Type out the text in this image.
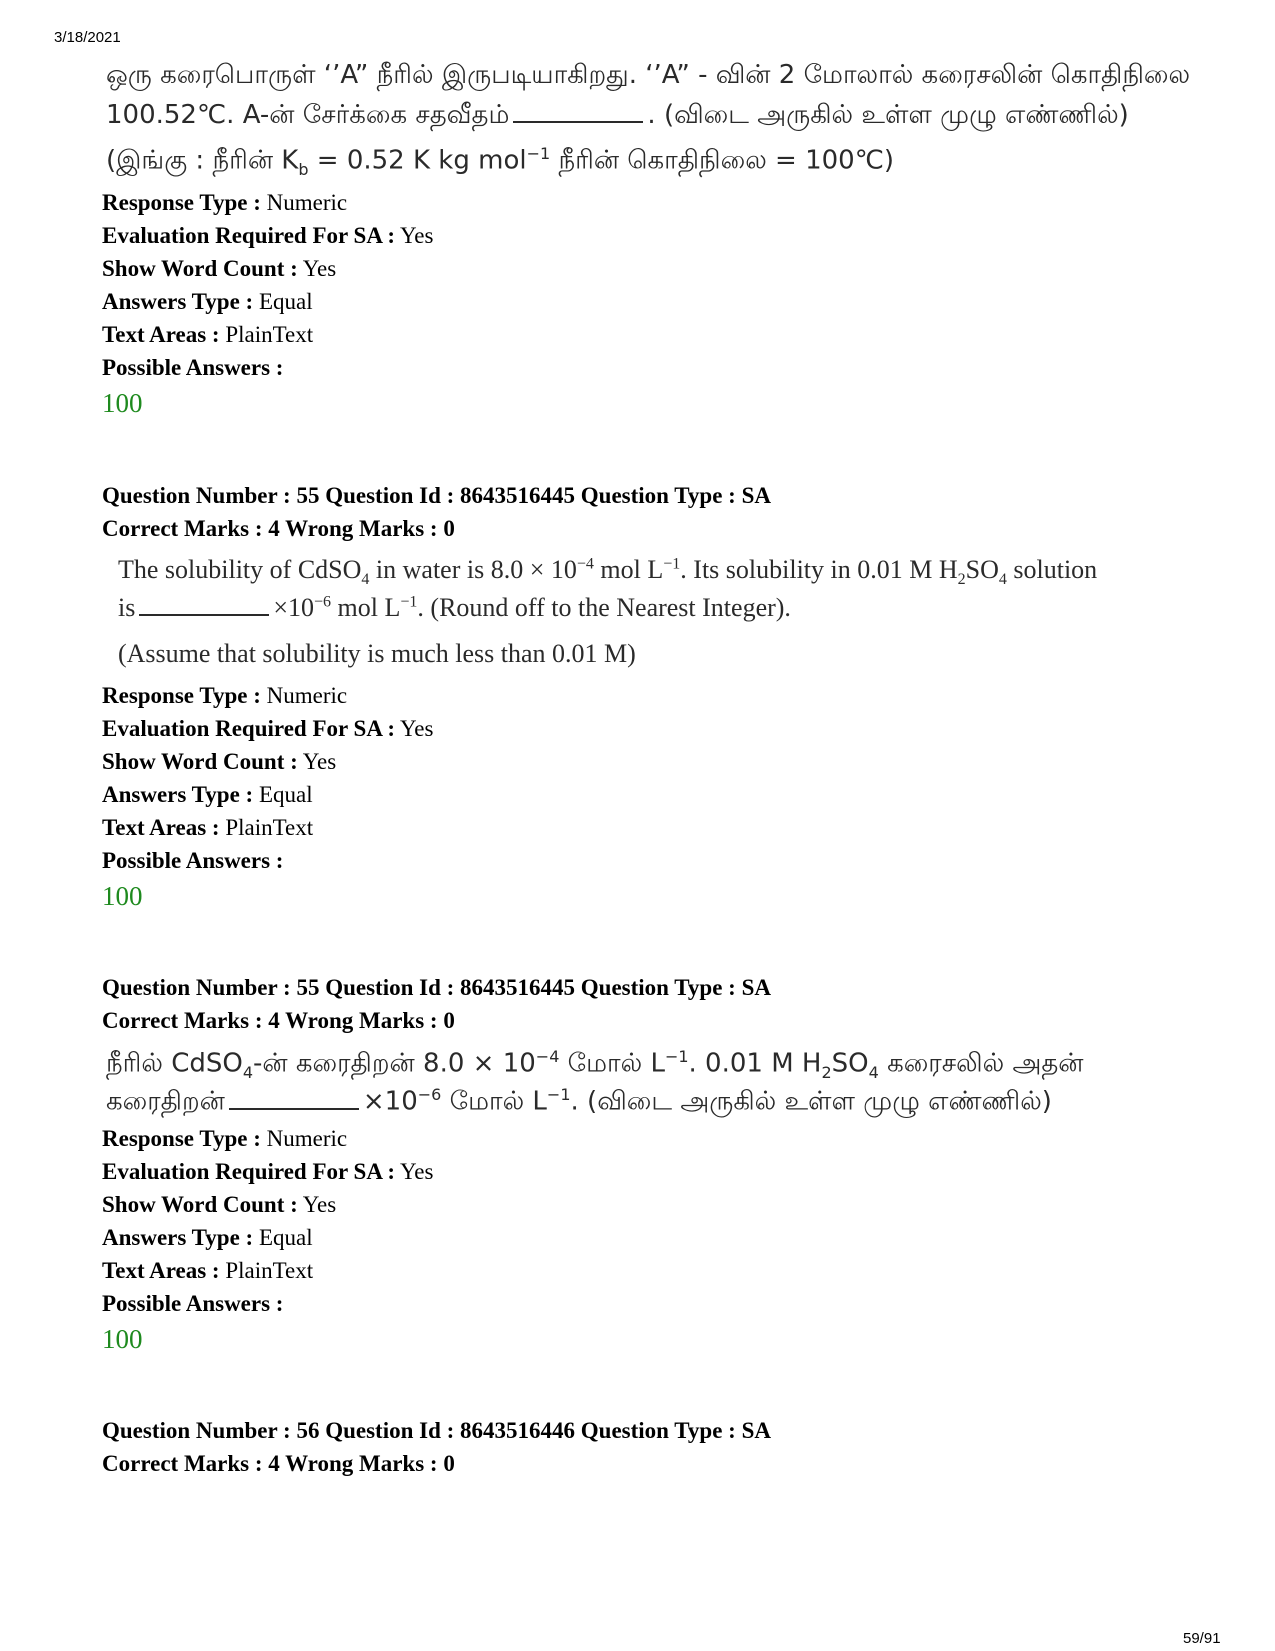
3/18/2021
ஒரு கரைபொருள் ‘’A” நீரில் இருபடியாகிறது. ‘’A” - வின் 2 மோலால் கரைசலின் கொதிநிலை
100.52℃. A-ன் சேர்க்கை சதவீதம்	. (விடை அருகில் உள்ள முழு எண்ணில்)
(இங்கு : நீரின் $K_b = 0.52$ K kg mol$^{-1}$ நீரின் கொதிநிலை = 100℃)
Response Type : Numeric
Evaluation Required For SA : Yes
Show Word Count : Yes
Answers Type : Equal
Text Areas : PlainText
Possible Answers :
100
Question Number : 55 Question Id : 8643516445 Question Type : SA
Correct Marks : 4 Wrong Marks : 0
The solubility of CdSO$_4$ in water is $8.0 \times 10^{-4}$ mol $L^{-1}$. Its solubility in 0.01 M $H_2SO_4$ solution
is	$\times 10^{-6}$ mol $L^{-1}$. (Round off to the Nearest Integer).
(Assume that solubility is much less than 0.01 M)
Response Type : Numeric
Evaluation Required For SA : Yes
Show Word Count : Yes
Answers Type : Equal
Text Areas : PlainText
Possible Answers :
100
Question Number : 55 Question Id : 8643516445 Question Type : SA
Correct Marks : 4 Wrong Marks : 0
நீரில் CdSO$_4$-ன் கரைதிறன் $8.0 \times 10^{-4}$ மோல் $L^{-1}$. 0.01 M $H_2SO_4$ கரைசலில் அதன்
கரைதிறன்	$\times 10^{-6}$ மோல் $L^{-1}$. (விடை அருகில் உள்ள முழு எண்ணில்)
Response Type : Numeric
Evaluation Required For SA : Yes
Show Word Count : Yes
Answers Type : Equal
Text Areas : PlainText
Possible Answers :
100
Question Number : 56 Question Id : 8643516446 Question Type : SA
Correct Marks : 4 Wrong Marks : 0
59/91
